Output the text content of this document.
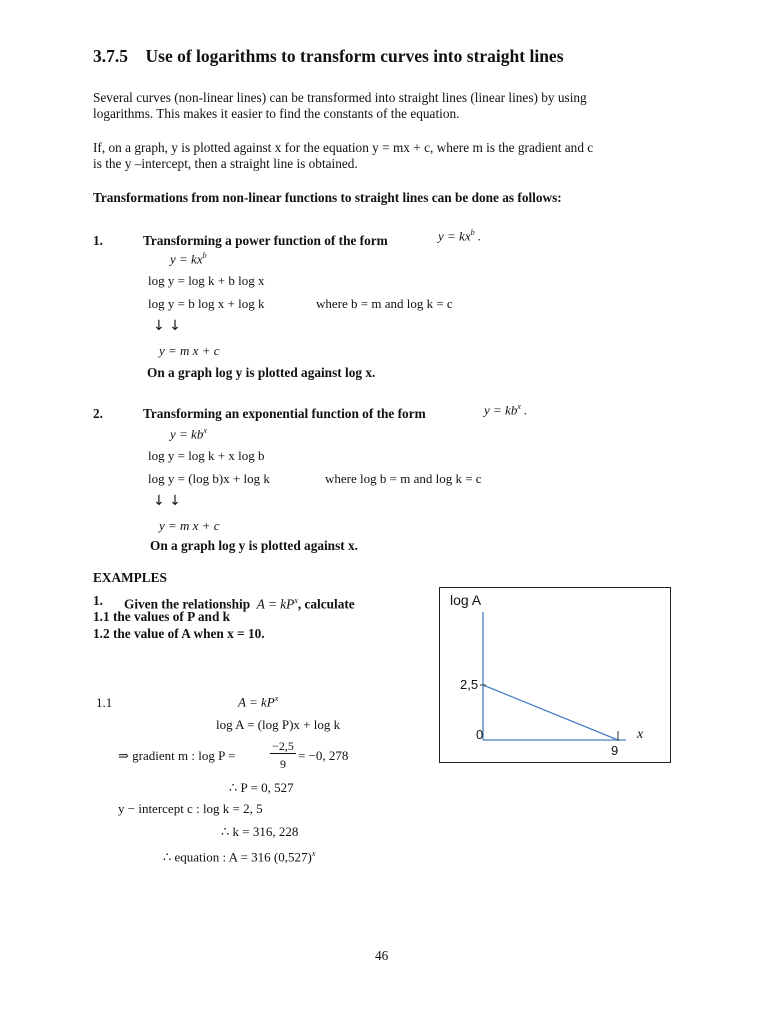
3.7.5 Use of logarithms to transform curves into straight lines
Several curves (non-linear lines) can be transformed into straight lines (linear lines) by using
logarithms. This makes it easier to find the constants of the equation.
If, on a graph, y is plotted against x for the equation y = mx + c, where m is the gradient and c
is the y –intercept, then a straight line is obtained.
Transformations from non-linear functions to straight lines can be done as follows:
1.	Transforming a power function of the form	$y = kx^b$ .
$y = kx^b$
log y = log k + b log x
log y = b log x + log k	where b = m and log k = c
↓ ↓
y = m x + c
On a graph log y is plotted against log x.
2.	Transforming an exponential function of the form	$y = kb^x$ .
$y = kb^x$
log y = log k + x log b
log y = (log b)x + log k	where log b = m and log k = c
↓ ↓
y = m x + c
On a graph log y is plotted against x.
EXAMPLES
1. Given the relationship $A = kP^x$, calculate
1.1 the values of P and k
1.2 the value of A when x = 10.
log A
2,5
0
9
x
1.1	$A = kP^x$
log A = (log P)x + log k
⇒ gradient m : log P =
−2,5
9
= −0, 278
∴ P = 0, 527
y − intercept c : log k = 2, 5
∴ k = 316, 228
∴ equation : A = 316 $(0,527)^x$
46
